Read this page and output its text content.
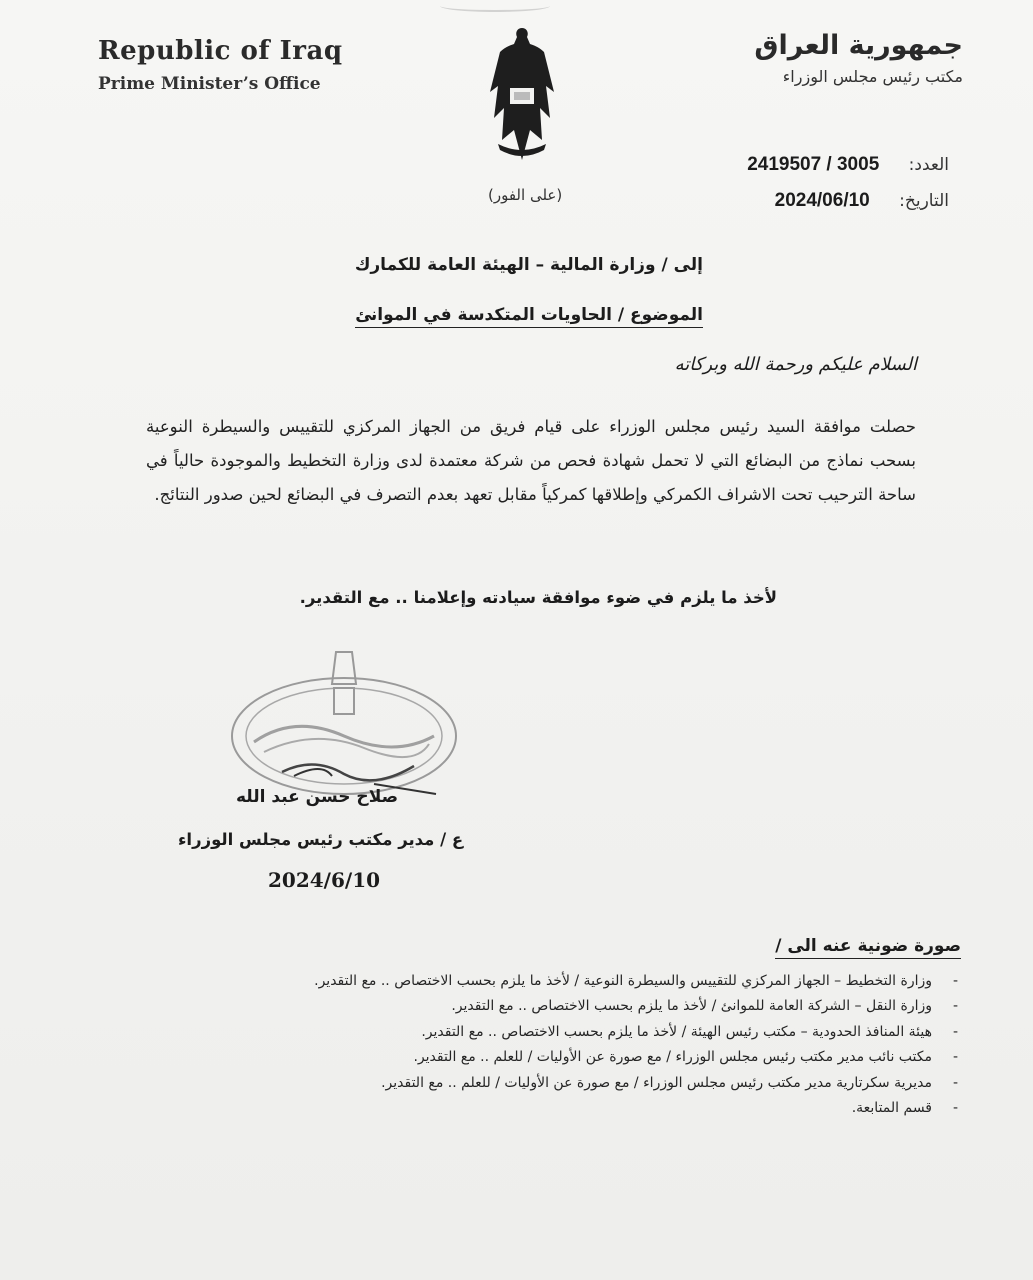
Republic of Iraq
Prime Minister’s Office
جمهورية العراق
مكتب رئيس مجلس الوزراء
(على الفور)
العدد: 2419507 / 3005
التاريخ: 2024/06/10
إلى / وزارة المالية – الهيئة العامة للكمارك
الموضوع / الحاويات المتكدسة في الموانئ
السلام عليكم ورحمة الله وبركاته
حصلت موافقة السيد رئيس مجلس الوزراء على قيام فريق من الجهاز المركزي للتقييس والسيطرة النوعية بسحب نماذج من البضائع التي لا تحمل شهادة فحص من شركة معتمدة لدى وزارة التخطيط والموجودة حالياً في ساحة الترحيب تحت الاشراف الكمركي وإطلاقها كمركياً مقابل تعهد بعدم التصرف في البضائع لحين صدور النتائج.
لأخذ ما يلزم في ضوء موافقة سيادته وإعلامنا .. مع التقدير.
صلاح حسن عبد الله
ع / مدير مكتب رئيس مجلس الوزراء
2024/6/10
صورة ضونية عنه الى /
- وزارة التخطيط – الجهاز المركزي للتقييس والسيطرة النوعية / لأخذ ما يلزم بحسب الاختصاص .. مع التقدير.
- وزارة النقل – الشركة العامة للموانئ / لأخذ ما يلزم بحسب الاختصاص .. مع التقدير.
- هيئة المنافذ الحدودية – مكتب رئيس الهيئة / لأخذ ما يلزم بحسب الاختصاص .. مع التقدير.
- مكتب نائب مدير مكتب رئيس مجلس الوزراء / مع صورة عن الأوليات / للعلم .. مع التقدير.
- مديرية سكرتارية مدير مكتب رئيس مجلس الوزراء / مع صورة عن الأوليات / للعلم .. مع التقدير.
- قسم المتابعة.
